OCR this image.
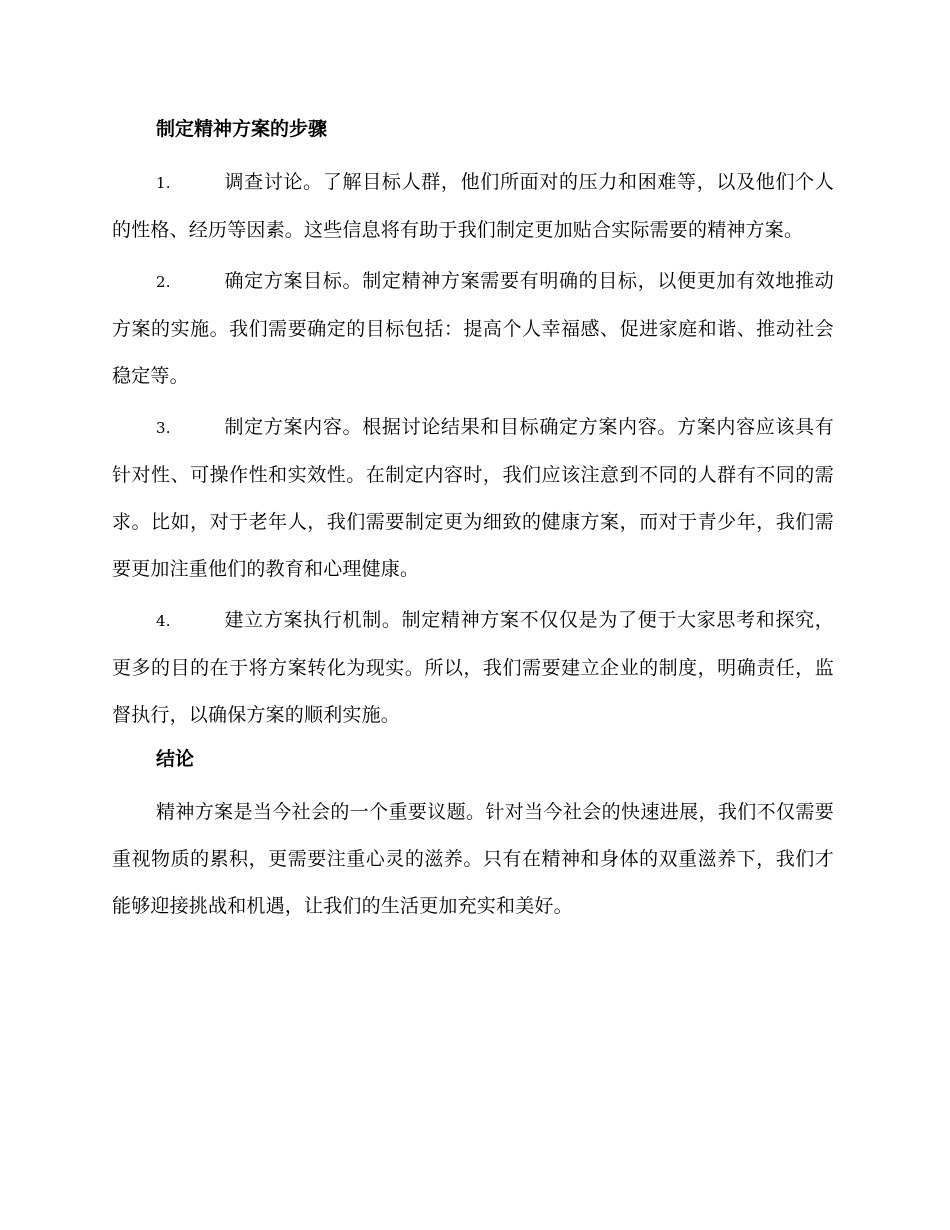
制定精神方案的步骤
1.	调查讨论。了解目标人群，他们所面对的压力和困难等，以及他们个人的性格、经历等因素。这些信息将有助于我们制定更加贴合实际需要的精神方案。
2.	确定方案目标。制定精神方案需要有明确的目标，以便更加有效地推动方案的实施。我们需要确定的目标包括：提高个人幸福感、促进家庭和谐、推动社会稳定等。
3.	制定方案内容。根据讨论结果和目标确定方案内容。方案内容应该具有针对性、可操作性和实效性。在制定内容时，我们应该注意到不同的人群有不同的需求。比如，对于老年人，我们需要制定更为细致的健康方案，而对于青少年，我们需要更加注重他们的教育和心理健康。
4.	建立方案执行机制。制定精神方案不仅仅是为了便于大家思考和探究，更多的目的在于将方案转化为现实。所以，我们需要建立企业的制度，明确责任，监督执行，以确保方案的顺利实施。
结论

精神方案是当今社会的一个重要议题。针对当今社会的快速进展，我们不仅需要重视物质的累积，更需要注重心灵的滋养。只有在精神和身体的双重滋养下，我们才能够迎接挑战和机遇，让我们的生活更加充实和美好。
